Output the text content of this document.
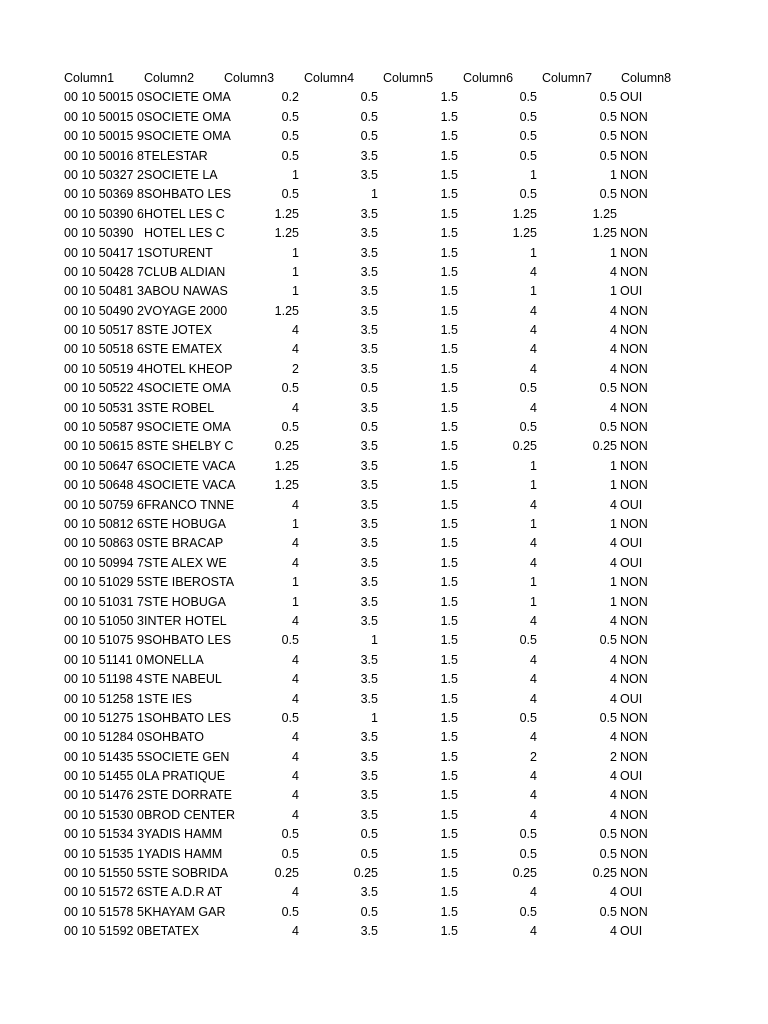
Column1	Column2	Column3	Column4	Column5	Column6	Column7	Column8
00 10 50015 0 SOCIETE OMA	0.2	0.5	1.5	0.5	0.5 OUI
00 10 50015 0 SOCIETE OMA	0.5	0.5	1.5	0.5	0.5 NON
00 10 50015 9 SOCIETE OMA	0.5	0.5	1.5	0.5	0.5 NON
00 10 50016 8 TELESTAR	0.5	3.5	1.5	0.5	0.5 NON
00 10 50327 2 SOCIETE LA	1	3.5	1.5	1	1 NON
00 10 50369 8 SOHBATO LES	0.5	1	1.5	0.5	0.5 NON
00 10 50390 6 HOTEL LES C	1.25	3.5	1.5	1.25	1.25
00 10 50390 HOTEL LES C	1.25	3.5	1.5	1.25	1.25 NON
00 10 50417 1 SOTURENT	1	3.5	1.5	1	1 NON
00 10 50428 7 CLUB ALDIAN	1	3.5	1.5	4	4 NON
00 10 50481 3 ABOU NAWAS	1	3.5	1.5	1	1 OUI
00 10 50490 2 VOYAGE 2000	1.25	3.5	1.5	4	4 NON
00 10 50517 8 STE JOTEX	4	3.5	1.5	4	4 NON
00 10 50518 6 STE EMATEX	4	3.5	1.5	4	4 NON
00 10 50519 4 HOTEL KHEOP	2	3.5	1.5	4	4 NON
00 10 50522 4 SOCIETE OMA	0.5	0.5	1.5	0.5	0.5 NON
00 10 50531 3 STE ROBEL	4	3.5	1.5	4	4 NON
00 10 50587 9 SOCIETE OMA	0.5	0.5	1.5	0.5	0.5 NON
00 10 50615 8 STE SHELBY C	0.25	3.5	1.5	0.25	0.25 NON
00 10 50647 6 SOCIETE VACA	1.25	3.5	1.5	1	1 NON
00 10 50648 4 SOCIETE VACA	1.25	3.5	1.5	1	1 NON
00 10 50759 6 FRANCO TNNE	4	3.5	1.5	4	4 OUI
00 10 50812 6 STE HOBUGA	1	3.5	1.5	1	1 NON
00 10 50863 0 STE BRACAP	4	3.5	1.5	4	4 OUI
00 10 50994 7 STE ALEX WE	4	3.5	1.5	4	4 OUI
00 10 51029 5 STE IBEROSTA	1	3.5	1.5	1	1 NON
00 10 51031 7 STE HOBUGA	1	3.5	1.5	1	1 NON
00 10 51050 3 INTER HOTEL	4	3.5	1.5	4	4 NON
00 10 51075 9 SOHBATO LES	0.5	1	1.5	0.5	0.5 NON
00 10 51141 0 MONELLA	4	3.5	1.5	4	4 NON
00 10 51198 4 STE NABEUL	4	3.5	1.5	4	4 NON
00 10 51258 1 STE IES	4	3.5	1.5	4	4 OUI
00 10 51275 1 SOHBATO LES	0.5	1	1.5	0.5	0.5 NON
00 10 51284 0 SOHBATO	4	3.5	1.5	4	4 NON
00 10 51435 5 SOCIETE GEN	4	3.5	1.5	2	2 NON
00 10 51455 0 LA PRATIQUE	4	3.5	1.5	4	4 OUI
00 10 51476 2 STE DORRATE	4	3.5	1.5	4	4 NON
00 10 51530 0 BROD CENTER	4	3.5	1.5	4	4 NON
00 10 51534 3 YADIS HAMM	0.5	0.5	1.5	0.5	0.5 NON
00 10 51535 1 YADIS HAMM	0.5	0.5	1.5	0.5	0.5 NON
00 10 51550 5 STE SOBRIDA	0.25	0.25	1.5	0.25	0.25 NON
00 10 51572 6 STE A.D.R AT	4	3.5	1.5	4	4 OUI
00 10 51578 5 KHAYAM GAR	0.5	0.5	1.5	0.5	0.5 NON
00 10 51592 0 BETATEX	4	3.5	1.5	4	4 OUI
